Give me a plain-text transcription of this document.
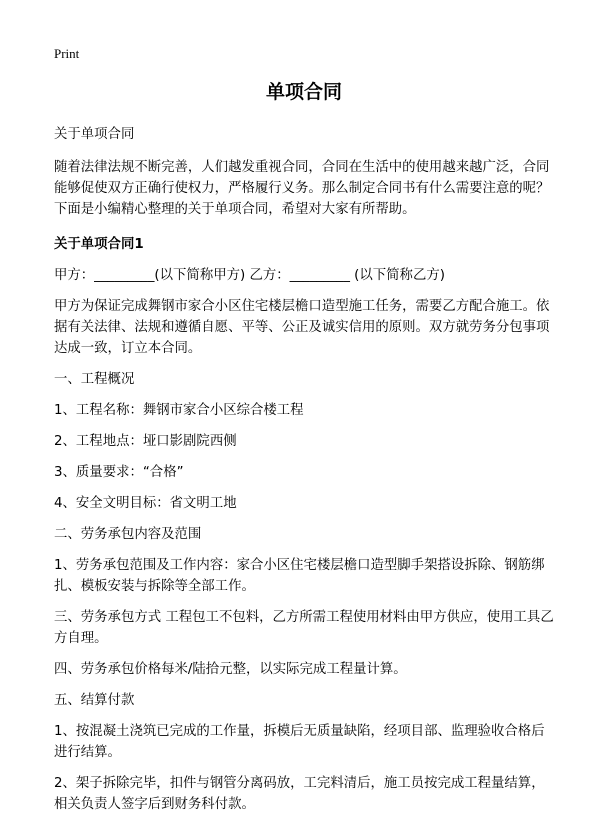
Print
单项合同

关于单项合同

随着法律法规不断完善，人们越发重视合同，合同在生活中的使用越来越广泛，合同能够促使双方正确行使权力，严格履行义务。那么制定合同书有什么需要注意的呢？下面是小编精心整理的关于单项合同，希望对大家有所帮助。

关于单项合同1

甲方：_________(以下简称甲方) 乙方：_________ (以下简称乙方)

甲方为保证完成舞钢市家合小区住宅楼层檐口造型施工任务，需要乙方配合施工。依据有关法律、法规和遵循自愿、平等、公正及诚实信用的原则。双方就劳务分包事项达成一致，订立本合同。

一、工程概况

1、工程名称：舞钢市家合小区综合楼工程

2、工程地点：垭口影剧院西侧

3、质量要求：“合格”

4、安全文明目标：省文明工地

二、劳务承包内容及范围

1、劳务承包范围及工作内容：家合小区住宅楼层檐口造型脚手架搭设拆除、钢筋绑扎、模板安装与拆除等全部工作。

三、劳务承包方式 工程包工不包料，乙方所需工程使用材料由甲方供应，使用工具乙方自理。

四、劳务承包价格每米/陆拾元整，以实际完成工程量计算。

五、结算付款

1、按混凝土浇筑已完成的工作量，拆模后无质量缺陷，经项目部、监理验收合格后进行结算。

2、架子拆除完毕，扣件与钢管分离码放，工完料清后，施工员按完成工程量结算，相关负责人签字后到财务科付款。
